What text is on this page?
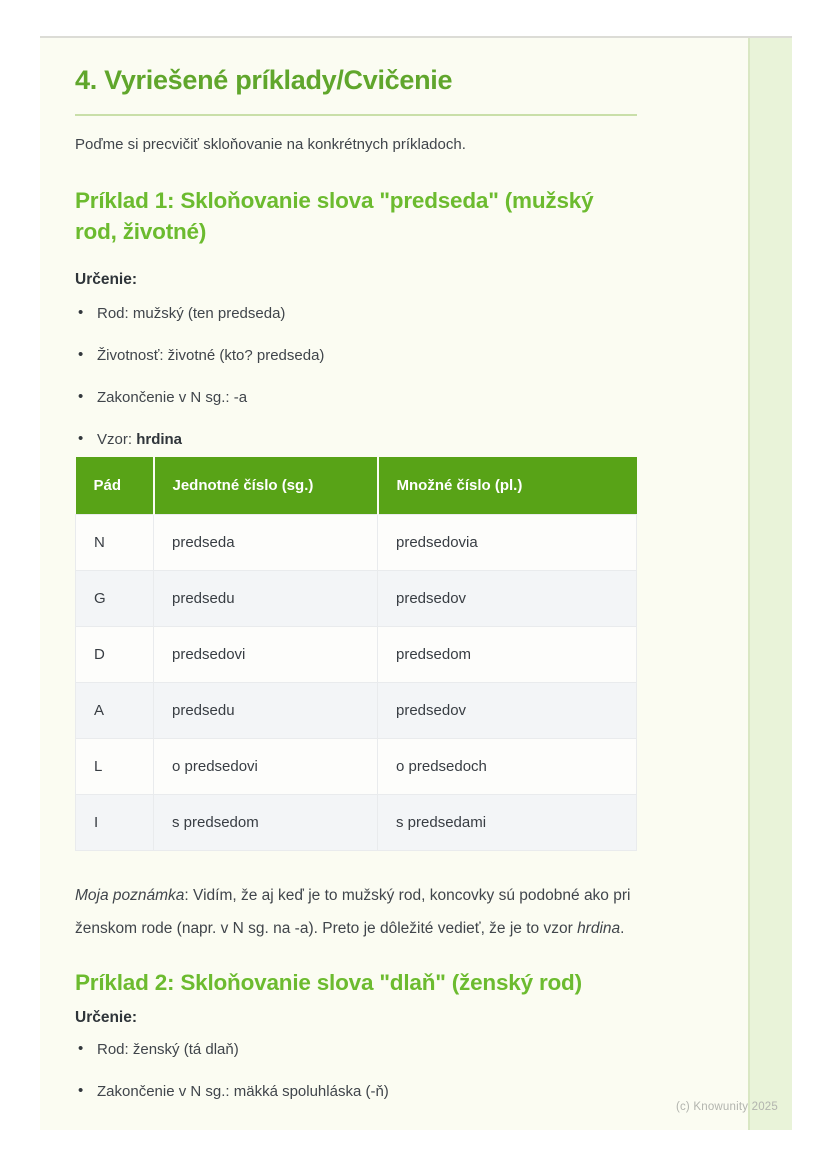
4. Vyriešené príklady/Cvičenie

Poďme si precvičiť skloňovanie na konkrétnych príkladoch.

Príklad 1: Skloňovanie slova "predseda" (mužský rod, životné)
Určenie:
• Rod: mužský (ten predseda)
• Životnosť: životné (kto? predseda)
• Zakončenie v N sg.: -a
• Vzor: hrdina
Pád	Jednotné číslo (sg.)	Množné číslo (pl.)
N	predseda	predsedovia
G	predsedu	predsedov
D	predsedovi	predsedom
A	predsedu	predsedov
L	o predsedovi	o predsedoch
I	s predsedom	s predsedami

Moja poznámka: Vidím, že aj keď je to mužský rod, koncovky sú podobné ako pri ženskom rode (napr. v N sg. na -a). Preto je dôležité vedieť, že je to vzor hrdina.

Príklad 2: Skloňovanie slova "dlaň" (ženský rod)
Určenie:
• Rod: ženský (tá dlaň)
• Zakončenie v N sg.: mäkká spoluhláska (-ň)
(c) Knowunity 2025
